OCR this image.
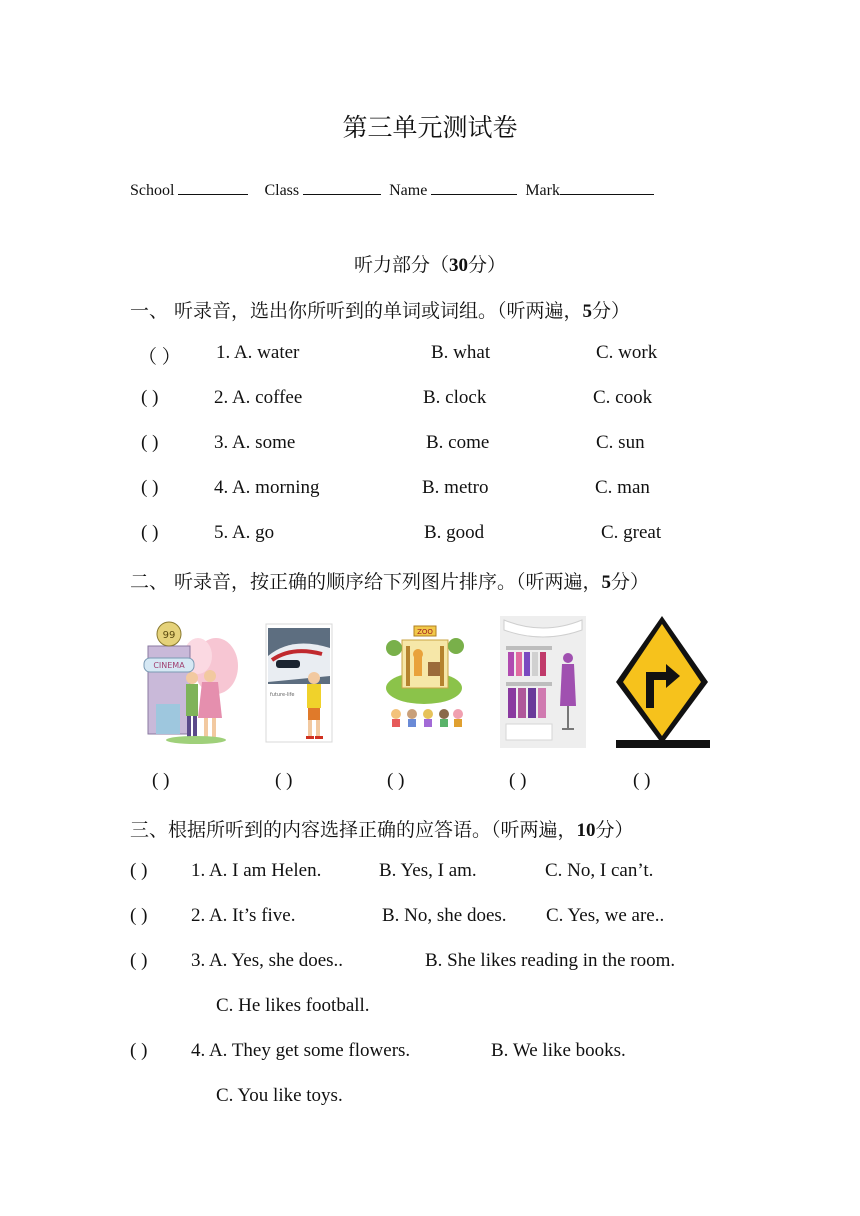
第三单元测试卷
School	Class	Name	Mark
听力部分（30分）
一、 听录音，选出你所听到的单词或词组。（听两遍，5分）
（ ） 1. A. water	B. what	C. work
( )	2. A. coffee	B. clock	C. cook
( )	3. A. some	B. come	C. sun
( )	4. A. morning	B. metro	C. man
( )	5. A. go	B. good	C. great
二、 听录音，按正确的顺序给下列图片排序。（听两遍，5分）
CINEMA
99
future-life
ZOO
( )	( )	( )	( )	( )
三、根据所听到的内容选择正确的应答语。（听两遍，10分）
( ) 1. A. I am Helen.	B. Yes, I am.	C. No, I can’t.
( ) 2. A. It’s five.	B. No, she does. C. Yes, we are..
( ) 3. A. Yes, she does..	B. She likes reading in the room.
C. He likes football.
( ) 4. A. They get some flowers.	B. We like books.
C. You like toys.
